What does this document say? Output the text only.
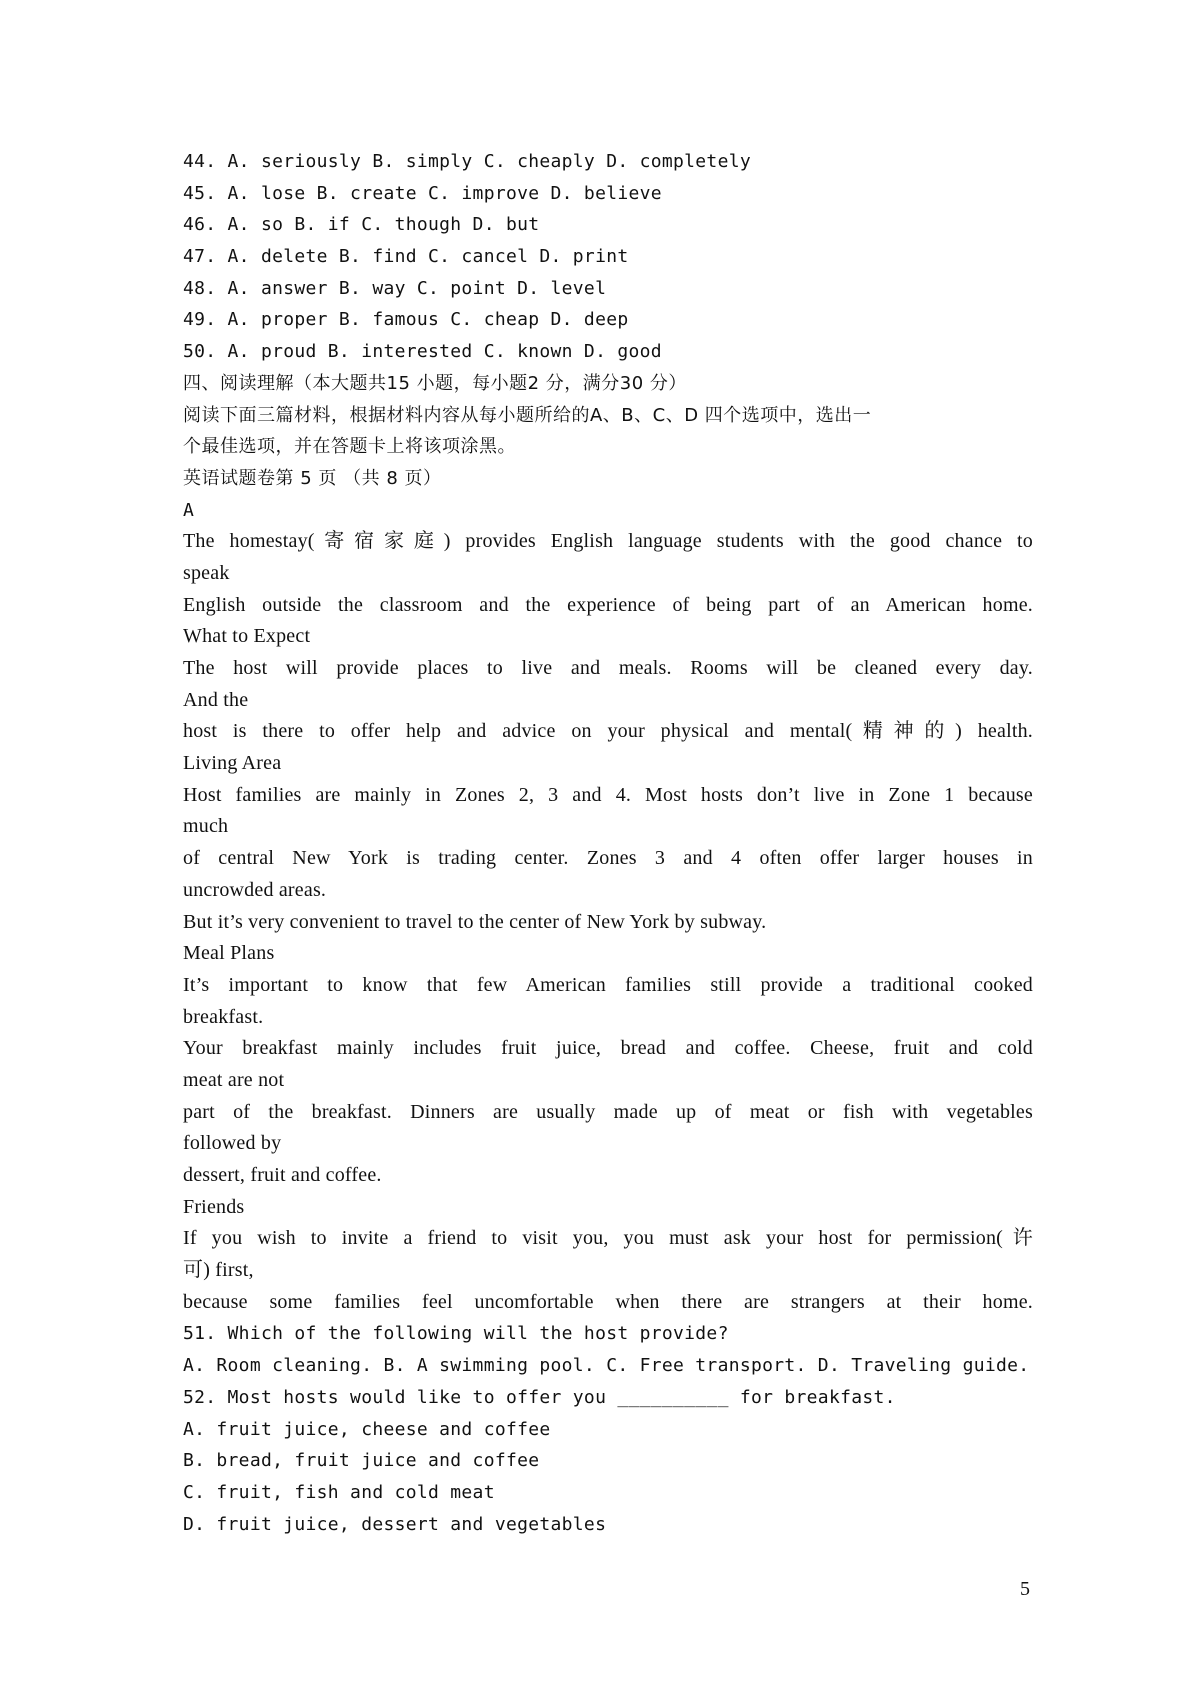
44. A. seriously B. simply C. cheaply D. completely
45. A. lose B. create C. improve D. believe
46. A. so B. if C. though D. but
47. A. delete B. find C. cancel D. print
48. A. answer B. way C. point D. level
49. A. proper B. famous C. cheap D. deep
50. A. proud B. interested C. known D. good
四、阅读理解（本大题共15 小题，每小题2 分，满分30 分）
阅读下面三篇材料，根据材料内容从每小题所给的A、B、C、D 四个选项中，选出一
个最佳选项，并在答题卡上将该项涂黑。
英语试题卷第 5 页 （共 8 页）
A
The homestay(寄宿家庭) provides English language students with the good chance to
speak
English outside the classroom and the experience of being part of an American home.
What to Expect
The host will provide places to live and meals. Rooms will be cleaned every day.
And the
host is there to offer help and advice on your physical and mental(精神的) health.
Living Area
Host families are mainly in Zones 2, 3 and 4. Most hosts don’t live in Zone 1 because
much
of central New York is trading center. Zones 3 and 4 often offer larger houses in
uncrowded areas.
But it’s very convenient to travel to the center of New York by subway.
Meal Plans
It’s important to know that few American families still provide a traditional cooked
breakfast.
Your breakfast mainly includes fruit juice, bread and coffee. Cheese, fruit and cold
meat are not
part of the breakfast. Dinners are usually made up of meat or fish with vegetables
followed by
dessert, fruit and coffee.
Friends
If you wish to invite a friend to visit you, you must ask your host for permission(许
可) first,
because some families feel uncomfortable when there are strangers at their home.
51. Which of the following will the host provide?
A. Room cleaning. B. A swimming pool. C. Free transport. D. Traveling guide.
52. Most hosts would like to offer you __________ for breakfast.
A. fruit juice, cheese and coffee
B. bread, fruit juice and coffee
C. fruit, fish and cold meat
D. fruit juice, dessert and vegetables
5
